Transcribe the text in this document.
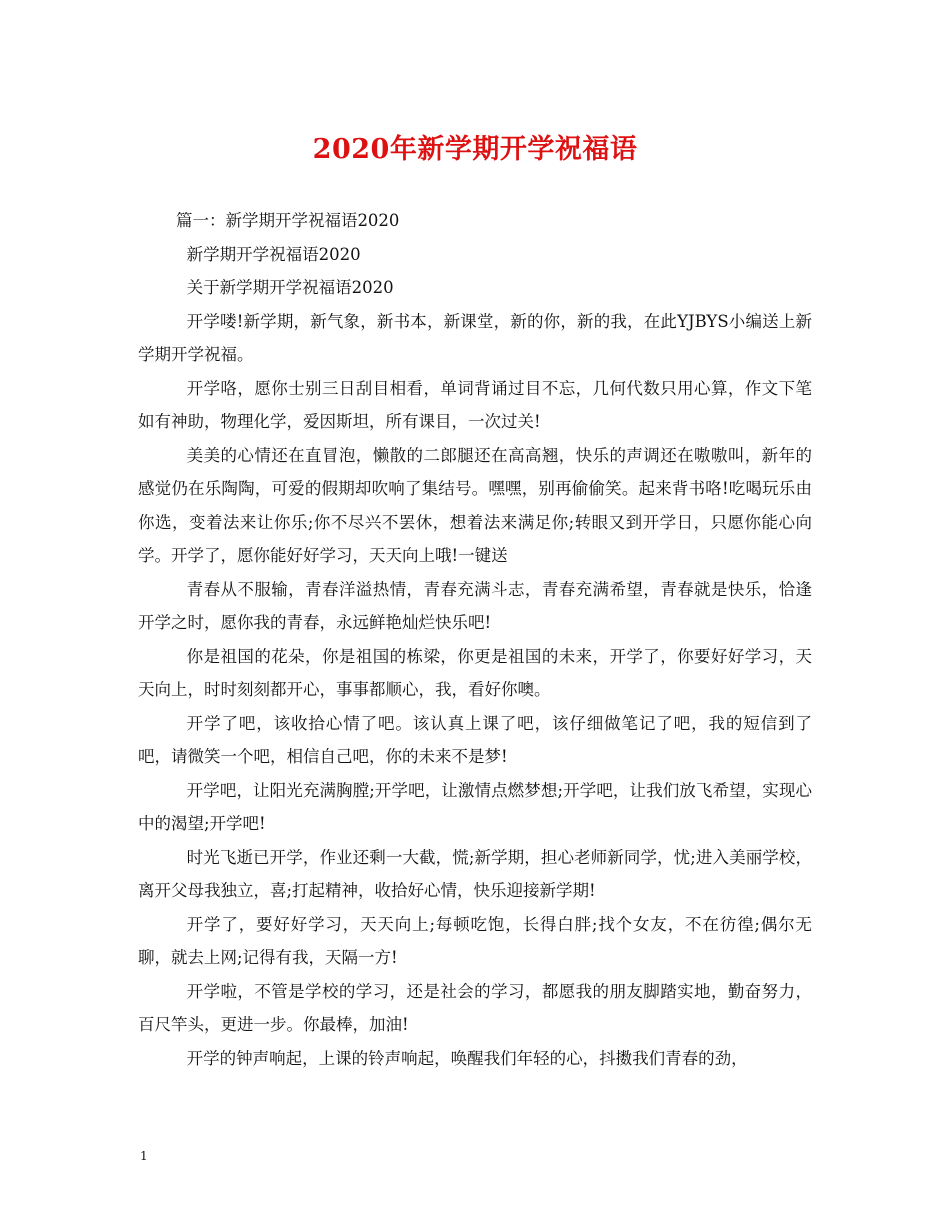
2020年新学期开学祝福语

篇一：新学期开学祝福语2020

新学期开学祝福语2020

关于新学期开学祝福语2020

开学喽!新学期，新气象，新书本，新课堂，新的你，新的我，在此YJBYS小编送上新学期开学祝福。

开学咯，愿你士别三日刮目相看，单词背诵过目不忘，几何代数只用心算，作文下笔如有神助，物理化学，爱因斯坦，所有课目，一次过关!

美美的心情还在直冒泡，懒散的二郎腿还在高高翘，快乐的声调还在嗷嗷叫，新年的感觉仍在乐陶陶，可爱的假期却吹响了集结号。嘿嘿，别再偷偷笑。起来背书咯!吃喝玩乐由你选，变着法来让你乐;你不尽兴不罢休，想着法来满足你;转眼又到开学日，只愿你能心向学。开学了，愿你能好好学习，天天向上哦!一键送

青春从不服输，青春洋溢热情，青春充满斗志，青春充满希望，青春就是快乐，恰逢开学之时，愿你我的青春，永远鲜艳灿烂快乐吧!

你是祖国的花朵，你是祖国的栋梁，你更是祖国的未来，开学了，你要好好学习，天天向上，时时刻刻都开心，事事都顺心，我，看好你噢。

开学了吧，该收拾心情了吧。该认真上课了吧，该仔细做笔记了吧，我的短信到了吧，请微笑一个吧，相信自己吧，你的未来不是梦!

开学吧，让阳光充满胸膛;开学吧，让激情点燃梦想;开学吧，让我们放飞希望，实现心中的渴望;开学吧!

时光飞逝已开学，作业还剩一大截，慌;新学期，担心老师新同学，忧;进入美丽学校，离开父母我独立，喜;打起精神，收拾好心情，快乐迎接新学期!

开学了，要好好学习，天天向上;每顿吃饱，长得白胖;找个女友，不在彷徨;偶尔无聊，就去上网;记得有我，天隔一方!

开学啦，不管是学校的学习，还是社会的学习，都愿我的朋友脚踏实地，勤奋努力，百尺竿头，更进一步。你最棒，加油!

开学的钟声响起，上课的铃声响起，唤醒我们年轻的心，抖擞我们青春的劲，

1
